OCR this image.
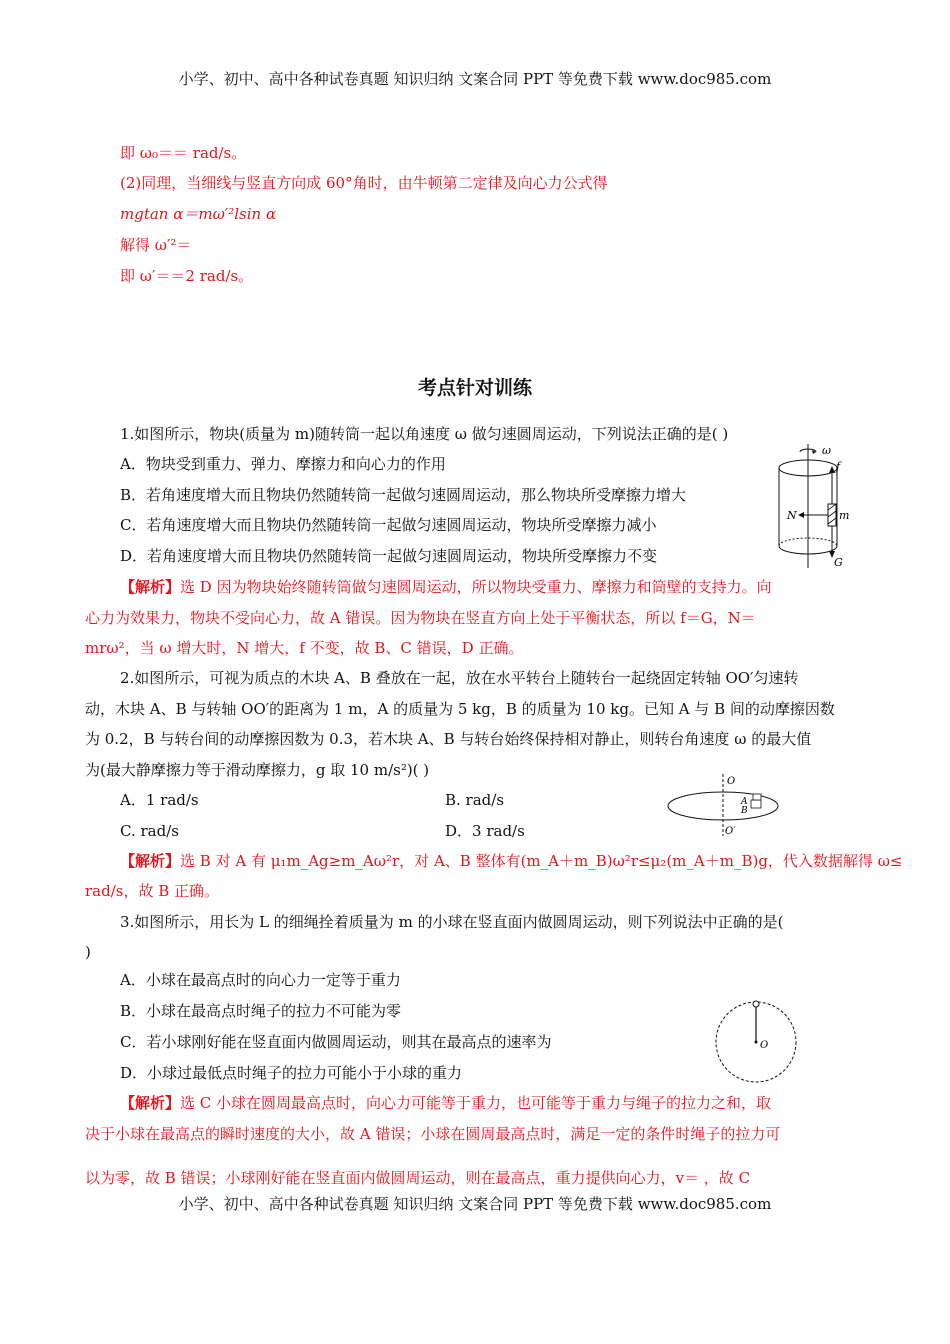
小学、初中、高中各种试卷真题 知识归纳 文案合同 PPT 等免费下载 www.doc985.com
即 ω₀＝＝ rad/s。
(2)同理，当细线与竖直方向成 60°角时，由牛顿第二定律及向心力公式得
mgtan α＝mω′²lsin α
解得 ω′²＝
即 ω′＝＝2 rad/s。
考点针对训练
1.如图所示，物块(质量为 m)随转筒一起以角速度 ω 做匀速圆周运动，下列说法正确的是( )
A．物块受到重力、弹力、摩擦力和向心力的作用
B．若角速度增大而且物块仍然随转筒一起做匀速圆周运动，那么物块所受摩擦力增大
C．若角速度增大而且物块仍然随转筒一起做匀速圆周运动，物块所受摩擦力减小
D．若角速度增大而且物块仍然随转筒一起做匀速圆周运动，物块所受摩擦力不变
ω
f
N	m
G
【解析】选 D 因为物块始终随转筒做匀速圆周运动，所以物块受重力、摩擦力和筒壁的支持力。向
心力为效果力，物块不受向心力，故 A 错误。因为物块在竖直方向上处于平衡状态，所以 f＝G，N＝
mrω²，当 ω 增大时，N 增大，f 不变，故 B、C 错误，D 正确。
2.如图所示，可视为质点的木块 A、B 叠放在一起，放在水平转台上随转台一起绕固定转轴 OO′匀速转
动，木块 A、B 与转轴 OO′的距离为 1 m，A 的质量为 5 kg，B 的质量为 10 kg。已知 A 与 B 间的动摩擦因数
为 0.2，B 与转台间的动摩擦因数为 0.3，若木块 A、B 与转台始终保持相对静止，则转台角速度 ω 的最大值
为(最大静摩擦力等于滑动摩擦力，g 取 10 m/s²)( )
A．1 rad/s	B. rad/s
C. rad/s	D．3 rad/s
O
A
B
O′
【解析】选 B 对 A 有 μ₁m_Ag≥m_Aω²r，对 A、B 整体有(m_A＋m_B)ω²r≤μ₂(m_A＋m_B)g，代入数据解得 ω≤
rad/s，故 B 正确。
3.如图所示，用长为 L 的细绳拴着质量为 m 的小球在竖直面内做圆周运动，则下列说法中正确的是(
)
A．小球在最高点时的向心力一定等于重力
B．小球在最高点时绳子的拉力不可能为零
C．若小球刚好能在竖直面内做圆周运动，则其在最高点的速率为
D．小球过最低点时绳子的拉力可能小于小球的重力
O
【解析】选 C 小球在圆周最高点时，向心力可能等于重力，也可能等于重力与绳子的拉力之和，取
决于小球在最高点的瞬时速度的大小，故 A 错误；小球在圆周最高点时，满足一定的条件时绳子的拉力可
以为零，故 B 错误；小球刚好能在竖直面内做圆周运动，则在最高点，重力提供向心力，v＝ ，故 C
小学、初中、高中各种试卷真题 知识归纳 文案合同 PPT 等免费下载 www.doc985.com
